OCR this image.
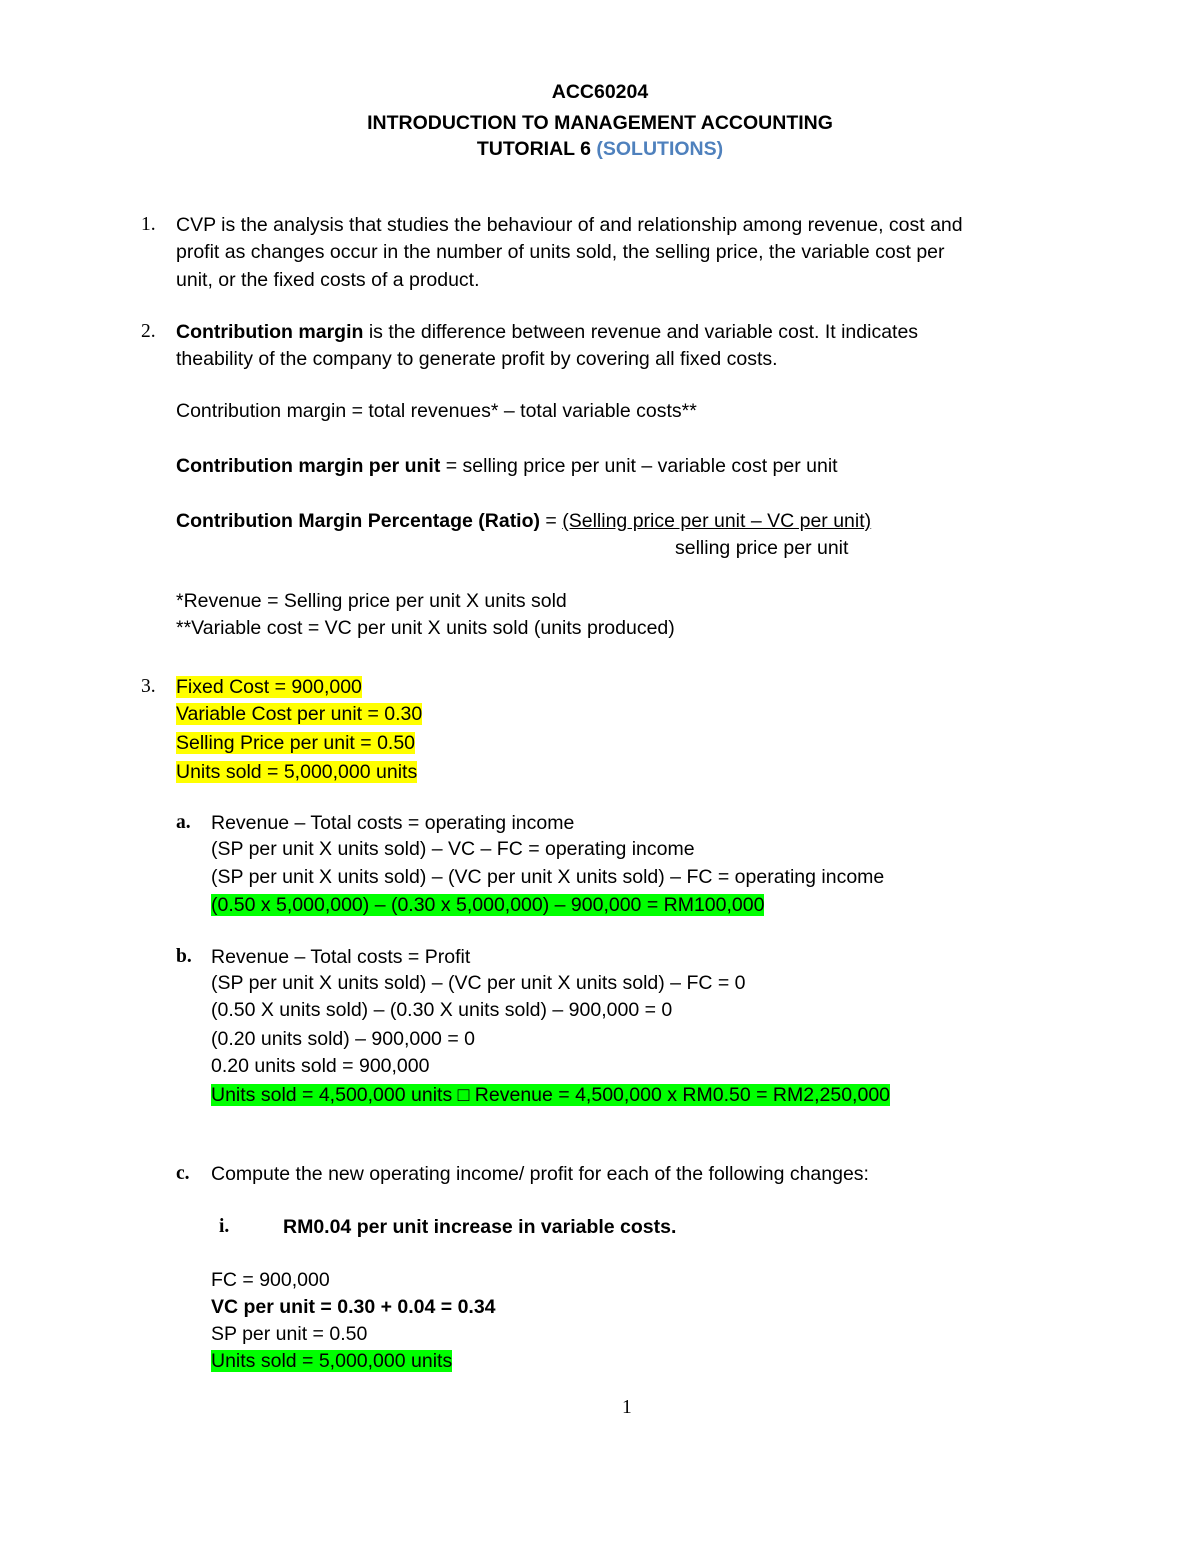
ACC60204
INTRODUCTION TO MANAGEMENT ACCOUNTING
TUTORIAL 6 (SOLUTIONS)
1. CVP is the analysis that studies the behaviour of and relationship among revenue, cost and
profit as changes occur in the number of units sold, the selling price, the variable cost per
unit, or the fixed costs of a product.
2. Contribution margin is the difference between revenue and variable cost. It indicates
theability of the company to generate profit by covering all fixed costs.
Contribution margin = total revenues* – total variable costs**
Contribution margin per unit = selling price per unit – variable cost per unit
Contribution Margin Percentage (Ratio) = (Selling price per unit – VC per unit)
selling price per unit
*Revenue = Selling price per unit X units sold
**Variable cost = VC per unit X units sold (units produced)
3. Fixed Cost = 900,000
Variable Cost per unit = 0.30
Selling Price per unit = 0.50
Units sold = 5,000,000 units
a. Revenue – Total costs = operating income
(SP per unit X units sold) – VC – FC = operating income
(SP per unit X units sold) – (VC per unit X units sold) – FC = operating income
(0.50 x 5,000,000) – (0.30 x 5,000,000) – 900,000 = RM100,000
b. Revenue – Total costs = Profit
(SP per unit X units sold) – (VC per unit X units sold) – FC = 0
(0.50 X units sold) – (0.30 X units sold) – 900,000 = 0
(0.20 units sold) – 900,000 = 0
0.20 units sold = 900,000
Units sold = 4,500,000 units □ Revenue = 4,500,000 x RM0.50 = RM2,250,000
c. Compute the new operating income/ profit for each of the following changes:
i.	RM0.04 per unit increase in variable costs.
FC = 900,000
VC per unit = 0.30 + 0.04 = 0.34
SP per unit = 0.50
Units sold = 5,000,000 units
1
